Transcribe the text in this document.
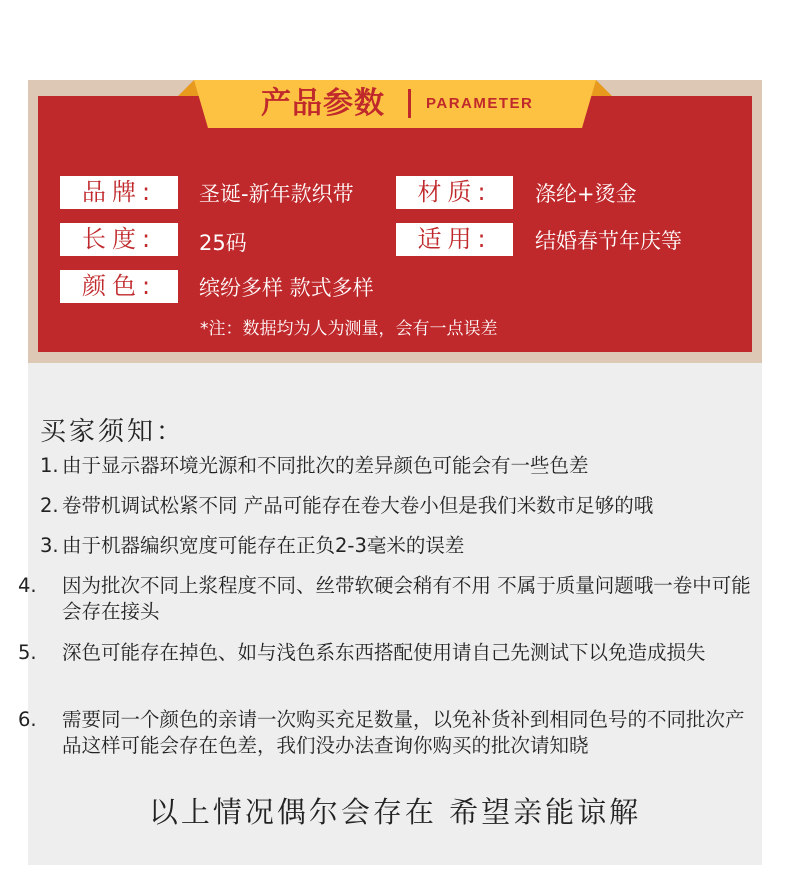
产品参数	PARAMETER
品牌:	圣诞-新年款织带	材质:	涤纶+烫金
长度:	25码	适用:	结婚春节年庆等
颜色:	缤纷多样 款式多样
*注：数据均为人为测量，会有一点误差
买家须知：
1. 由于显示器环境光源和不同批次的差异颜色可能会有一些色差
2. 卷带机调试松紧不同 产品可能存在卷大卷小但是我们米数市足够的哦
3. 由于机器编织宽度可能存在正负2-3毫米的误差
4. 因为批次不同上浆程度不同、丝带软硬会稍有不用 不属于质量问题哦一卷中可能会存在接头
5. 深色可能存在掉色、如与浅色系东西搭配使用请自己先测试下以免造成损失
6. 需要同一个颜色的亲请一次购买充足数量，以免补货补到相同色号的不同批次产品这样可能会存在色差，我们没办法查询你购买的批次请知晓
以上情况偶尔会存在 希望亲能谅解
